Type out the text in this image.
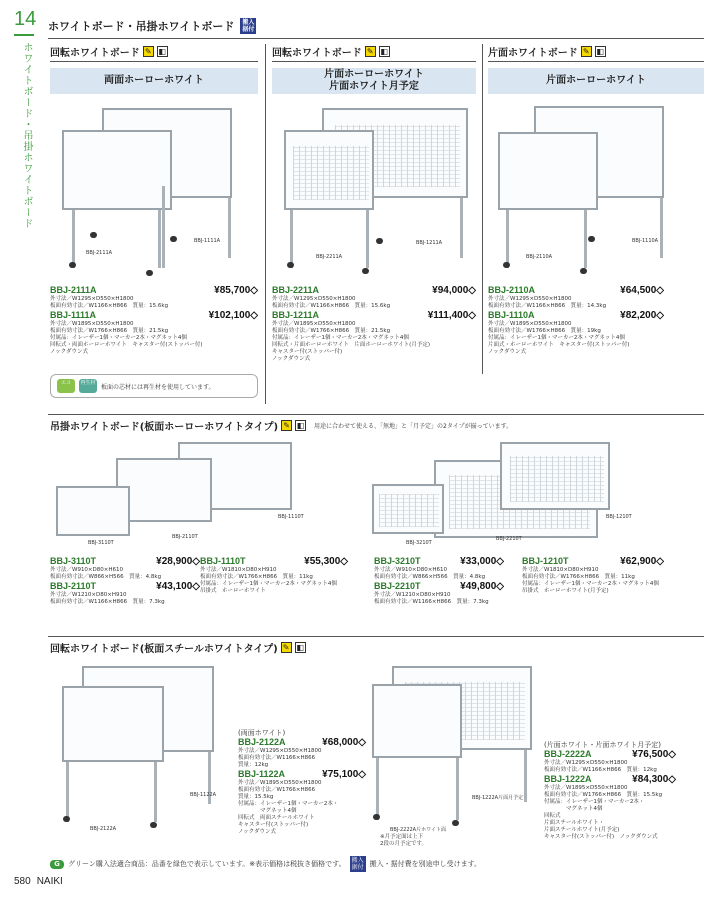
14
ホワイトボード・吊掛ホワイトボード
ホワイトボード・吊掛ホワイトボード	搬入据付
回転ホワイトボード ✎ ◧
両面ホーローホワイト
BBJ-1111A
BBJ-2111A
BBJ-2111A	¥85,700◇
外寸法／W1295×D550×H1800
板面有効寸法／W1166×H866　質量：15.6kg
BBJ-1111A	¥102,100◇
外寸法／W1895×D550×H1800
板面有効寸法／W1766×H866　質量：21.5kg
付属品：イレーザー1個・マーカー2本・マグネット4個
回転式・両面ホーローホワイト　キャスター付(ストッパー付)
ノックダウン式
エコ	再生材
板面の芯材には再生材を使用しています。
回転ホワイトボード ✎ ◧
片面ホーローホワイト
片面ホワイト月予定
BBJ-1211A
BBJ-2211A
BBJ-2211A	¥94,000◇
外寸法／W1295×D550×H1800
板面有効寸法／W1166×H866　質量：15.6kg
BBJ-1211A	¥111,400◇
外寸法／W1895×D550×H1800
板面有効寸法／W1766×H866　質量：21.5kg
付属品：イレーザー1個・マーカー2本・マグネット4個
回転式・片面ホーローホワイト　片面ホーローホワイト(月予定)
キャスター付(ストッパー付)
ノックダウン式
片面ホワイトボード ✎ ◧
片面ホーローホワイト
BBJ-1110A
BBJ-2110A
BBJ-2110A	¥64,500◇
外寸法／W1295×D550×H1800
板面有効寸法／W1166×H866　質量：14.3kg
BBJ-1110A	¥82,200◇
外寸法／W1895×D550×H1800
板面有効寸法／W1766×H866　質量：19kg
付属品：イレーザー1個・マーカー2本・マグネット4個
片面式・ホーローホワイト　キャスター付(ストッパー付)
ノックダウン式
吊掛ホワイトボード(板面ホーローホワイトタイプ) ✎ ◧ 用途に合わせて使える、「無地」と「月予定」の2タイプが揃っています。
BBJ-1110T
BBJ-2110T
BBJ-3110T
BBJ-1210T
BBJ-2210T
BBJ-3210T
BBJ-3110T	¥28,900◇
外寸法／W910×D80×H610
板面有効寸法／W866×H566　質量：4.8kg
BBJ-2110T	¥43,100◇
外寸法／W1210×D80×H910
板面有効寸法／W1166×H866　質量：7.3kg
BBJ-1110T	¥55,300◇
外寸法／W1810×D80×H910
板面有効寸法／W1766×H866　質量：11kg
付属品：イレーザー1個・マーカー2本・マグネット4個
吊掛式　ホーローホワイト
BBJ-3210T	¥33,000◇
外寸法／W910×D80×H610
板面有効寸法／W866×H566　質量：4.8kg
BBJ-2210T	¥49,800◇
外寸法／W1210×D80×H910
板面有効寸法／W1166×H866　質量：7.3kg
BBJ-1210T	¥62,900◇
外寸法／W1810×D80×H910
板面有効寸法／W1766×H866　質量：11kg
付属品：イレーザー1個・マーカー2本・マグネット4個
吊掛式　ホーローホワイト(月予定)
回転ホワイトボード(板面スチールホワイトタイプ) ✎ ◧
BBJ-1122A
BBJ-2122A
(両面ホワイト)
BBJ-2122A	¥68,000◇
外寸法／W1295×D550×H1800
板面有効寸法／W1166×H866
質量：12kg
BBJ-1122A	¥75,100◇
外寸法／W1895×D550×H1800
板面有効寸法／W1766×H866
質量：15.5kg
付属品：イレーザー1個・マーカー2本・
　　　　マグネット4個
回転式　両面スチールホワイト
キャスター付(ストッパー付)
ノックダウン式
BBJ-1222A片面月予定
BBJ-2222A片ホワイト面
※月予定面は上下
2段の月予定です。
(片面ホワイト・片面ホワイト月予定)
BBJ-2222A	¥76,500◇
外寸法／W1295×D550×H1800
板面有効寸法／W1166×H866　質量：12kg
BBJ-1222A	¥84,300◇
外寸法／W1895×D550×H1800
板面有効寸法／W1766×H866　質量：15.5kg
付属品：イレーザー1個・マーカー2本・
　　　　マグネット4個
回転式
片面スチールホワイト・
片面スチールホワイト(月予定)
キャスター付(ストッパー付)　ノックダウン式
G	グリーン購入法適合商品：品番を緑色で表示しています。※表示価格は税抜き価格です。	搬入据付 搬入・据付費を別途申し受けます。
580 NAIKI
